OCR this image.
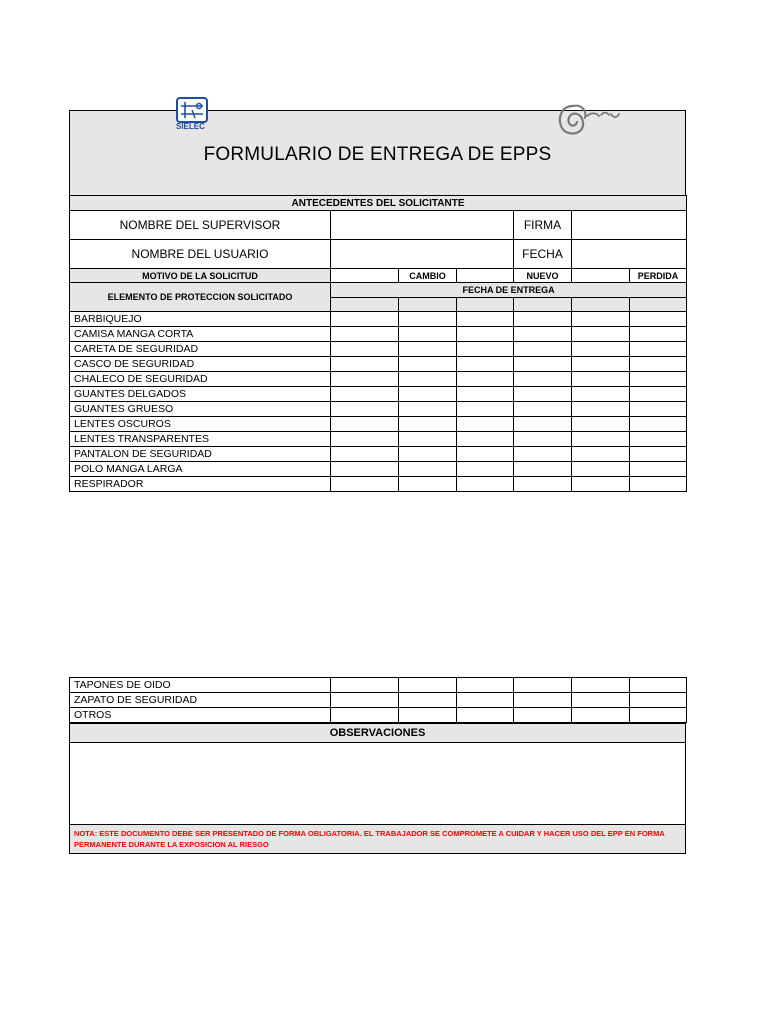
FORMULARIO DE ENTREGA DE EPPS
SIELEC
ANTECEDENTES DEL SOLICITANTE						
NOMBRE DEL SUPERVISOR				FIRMA		
NOMBRE DEL USUARIO				FECHA		
MOTIVO DE LA SOLICITUD		CAMBIO		NUEVO		PERDIDA
ELEMENTO DE PROTECCION SOLICITADO	FECHA DE ENTREGA					

BARBIQUEJO						
CAMISA MANGA CORTA						
CARETA DE SEGURIDAD						
CASCO DE SEGURIDAD						
CHALECO DE SEGURIDAD						
GUANTES DELGADOS						
GUANTES GRUESO						
LENTES OSCUROS						
LENTES TRANSPARENTES						
PANTALON DE SEGURIDAD						
POLO MANGA LARGA						
RESPIRADOR						
TAPONES DE OIDO						
ZAPATO DE SEGURIDAD						
OTROS						
OBSERVACIONES
NOTA: ESTE DOCUMENTO DEBE SER PRESENTADO DE FORMA OBLIGATORIA. EL TRABAJADOR SE COMPROMETE A CUIDAR Y HACER USO DEL EPP EN FORMA PERMANENTE DURANTE LA EXPOSICION AL RIESGO
